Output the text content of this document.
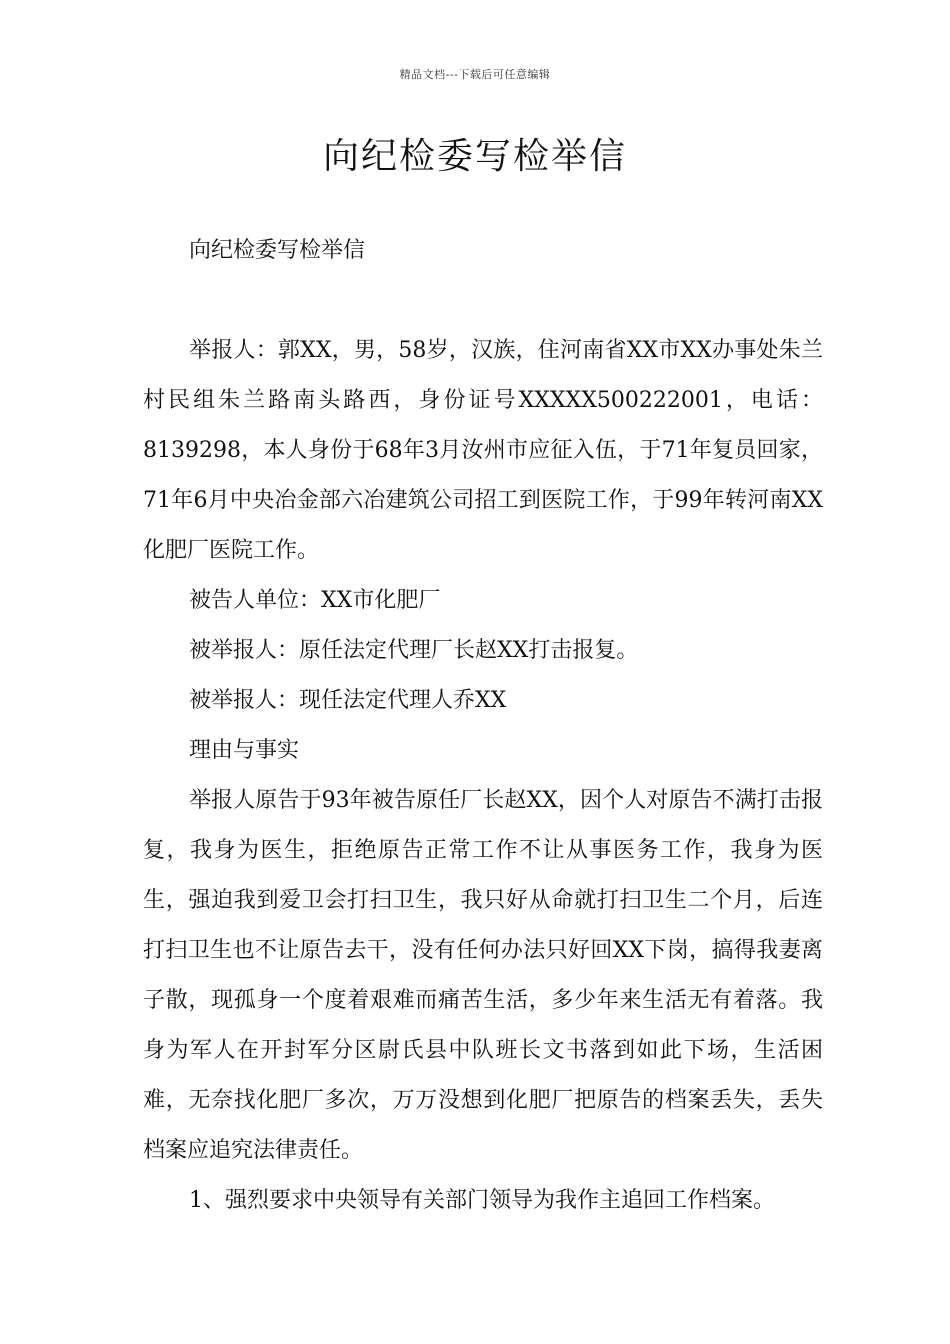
精品文档---下载后可任意编辑
向纪检委写检举信
向纪检委写检举信

举报人：郭XX，男，58岁，汉族，住河南省XX市XX办事处朱兰村民组朱兰路南头路西，身份证号XXXXX500222001，电话：8139298，本人身份于68年3月汝州市应征入伍，于71年复员回家，71年6月中央冶金部六冶建筑公司招工到医院工作，于99年转河南XX化肥厂医院工作。

被告人单位：XX市化肥厂

被举报人：原任法定代理厂长赵XX打击报复。

被举报人：现任法定代理人乔XX

理由与事实

举报人原告于93年被告原任厂长赵XX，因个人对原告不满打击报复，我身为医生，拒绝原告正常工作不让从事医务工作，我身为医生，强迫我到爱卫会打扫卫生，我只好从命就打扫卫生二个月，后连打扫卫生也不让原告去干，没有任何办法只好回XX下岗，搞得我妻离子散，现孤身一个度着艰难而痛苦生活，多少年来生活无有着落。我身为军人在开封军分区尉氏县中队班长文书落到如此下场，生活困难，无奈找化肥厂多次，万万没想到化肥厂把原告的档案丢失，丢失档案应追究法律责任。

1、强烈要求中央领导有关部门领导为我作主追回工作档案。
